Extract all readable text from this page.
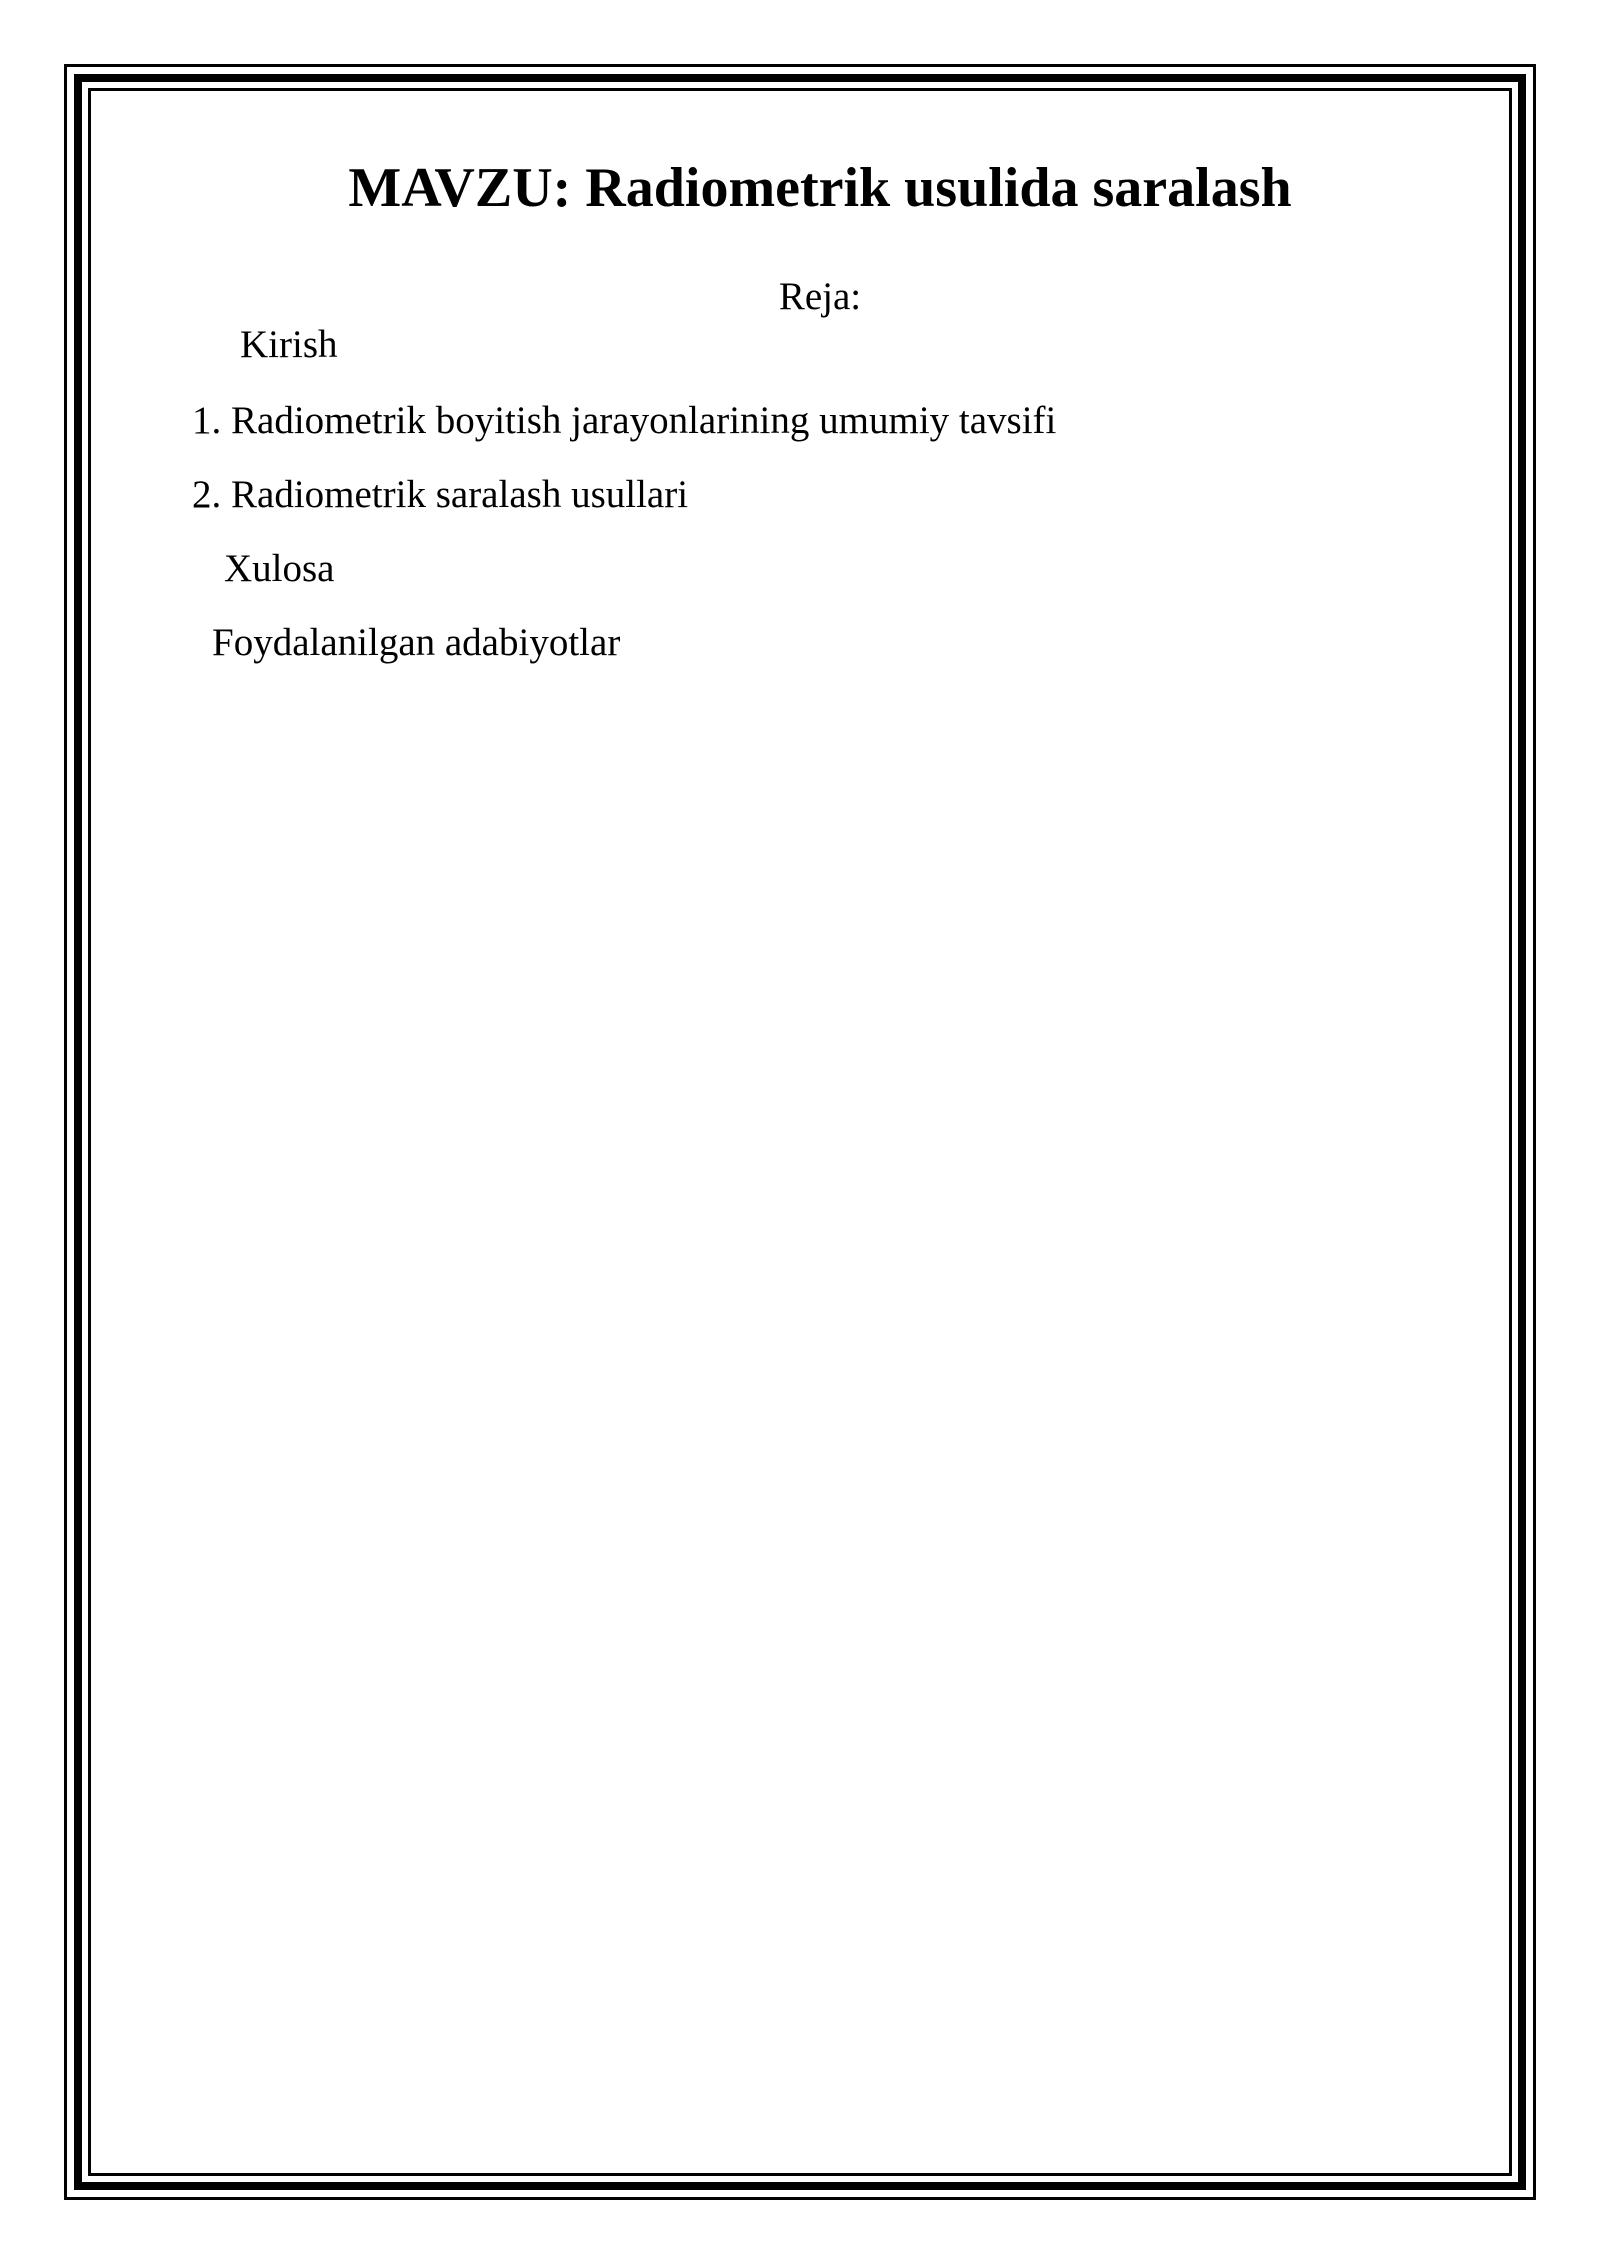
MAVZU: Radiometrik usulida saralash
Reja:
Kirish
1. Radiometrik boyitish jarayonlarining umumiy tavsifi
2. Radiometrik saralash usullari
Xulosa
Foydalanilgan adabiyotlar
